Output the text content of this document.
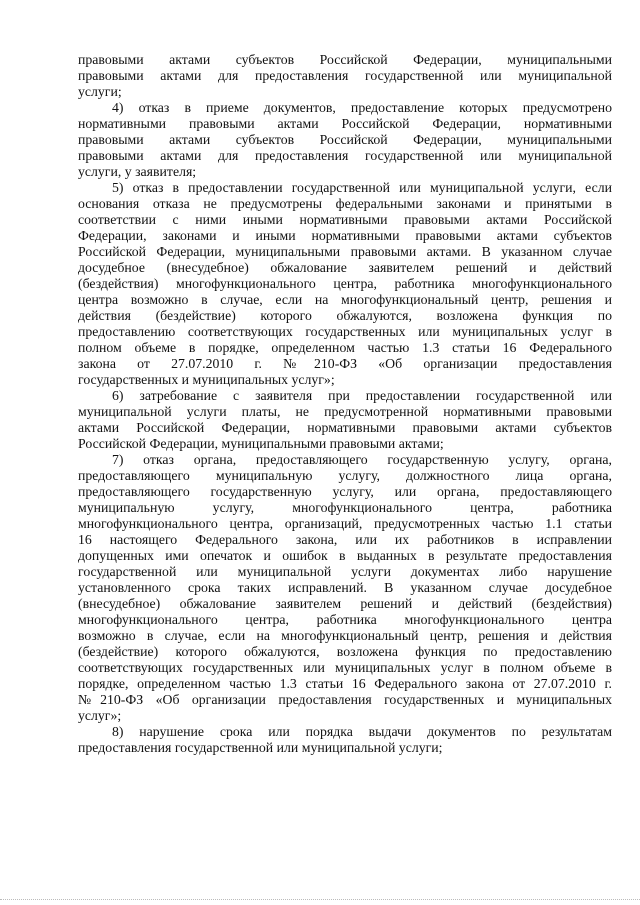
правовыми актами субъектов Российской Федерации, муниципальными
правовыми актами для предоставления государственной или муниципальной
услуги;
4) отказ в приеме документов, предоставление которых предусмотрено
нормативными правовыми актами Российской Федерации, нормативными
правовыми актами субъектов Российской Федерации, муниципальными
правовыми актами для предоставления государственной или муниципальной
услуги, у заявителя;
5) отказ в предоставлении государственной или муниципальной услуги, если
основания отказа не предусмотрены федеральными законами и принятыми в
соответствии с ними иными нормативными правовыми актами Российской
Федерации, законами и иными нормативными правовыми актами субъектов
Российской Федерации, муниципальными правовыми актами. В указанном случае
досудебное (внесудебное) обжалование заявителем решений и действий
(бездействия) многофункционального центра, работника многофункционального
центра возможно в случае, если на многофункциональный центр, решения и
действия (бездействие) которого обжалуются, возложена функция по
предоставлению соответствующих государственных или муниципальных услуг в
полном объеме в порядке, определенном частью 1.3 статьи 16 Федерального
закона от 27.07.2010 г. №210-ФЗ «Об организации предоставления
государственных и муниципальных услуг»;
6) затребование с заявителя при предоставлении государственной или
муниципальной услуги платы, не предусмотренной нормативными правовыми
актами Российской Федерации, нормативными правовыми актами субъектов
Российской Федерации, муниципальными правовыми актами;
7) отказ органа, предоставляющего государственную услугу, органа,
предоставляющего муниципальную услугу, должностного лица органа,
предоставляющего государственную услугу, или органа, предоставляющего
муниципальную услугу, многофункционального центра, работника
многофункционального центра, организаций, предусмотренных частью 1.1 статьи
16 настоящего Федерального закона, или их работников в исправлении
допущенных ими опечаток и ошибок в выданных в результате предоставления
государственной или муниципальной услуги документах либо нарушение
установленного срока таких исправлений. В указанном случае досудебное
(внесудебное) обжалование заявителем решений и действий (бездействия)
многофункционального центра, работника многофункционального центра
возможно в случае, если на многофункциональный центр, решения и действия
(бездействие) которого обжалуются, возложена функция по предоставлению
соответствующих государственных или муниципальных услуг в полном объеме в
порядке, определенном частью 1.3 статьи 16 Федерального закона от 27.07.2010 г.
№210-ФЗ «Об организации предоставления государственных и муниципальных
услуг»;
8) нарушение срока или порядка выдачи документов по результатам
предоставления государственной или муниципальной услуги;
